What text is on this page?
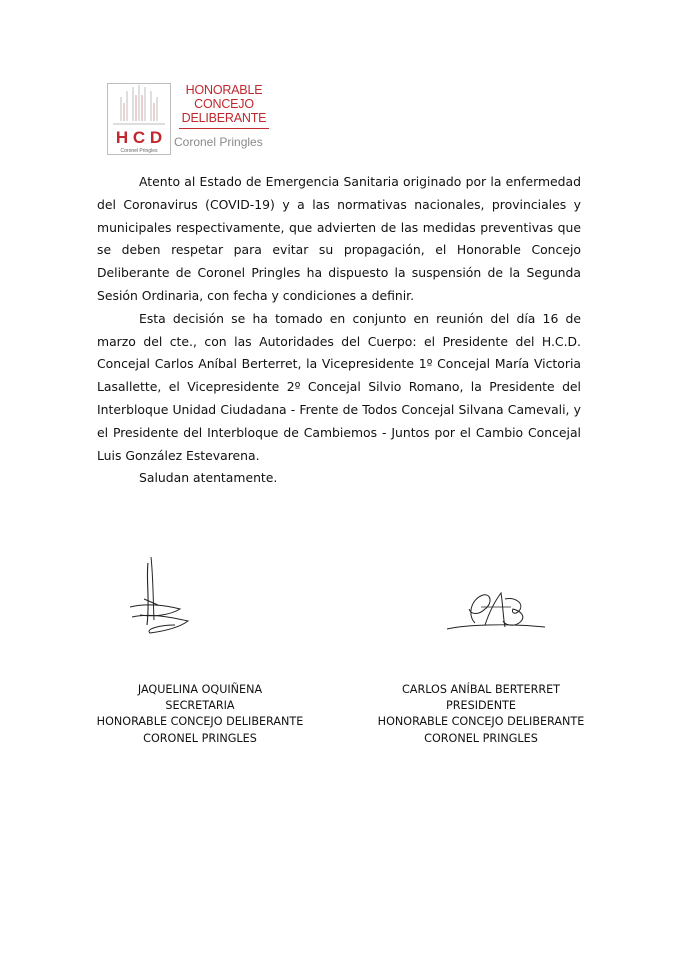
H C D
Coronel Pringles
HONORABLE
CONCEJO
DELIBERANTE
Coronel Pringles

Atento al Estado de Emergencia Sanitaria originado por la enfermedad del Coronavirus (COVID-19) y a las normativas nacionales, provinciales y municipales respectivamente, que advierten de las medidas preventivas que se deben respetar para evitar su propagación, el Honorable Concejo Deliberante de Coronel Pringles ha dispuesto la suspensión de la Segunda Sesión Ordinaria, con fecha y condiciones a definir.

Esta decisión se ha tomado en conjunto en reunión del día 16 de marzo del cte., con las Autoridades del Cuerpo: el Presidente del H.C.D. Concejal Carlos Aníbal Berterret, la Vicepresidente 1º Concejal María Victoria Lasallette, el Vicepresidente 2º Concejal Silvio Romano, la Presidente del Interbloque Unidad Ciudadana - Frente de Todos Concejal Silvana Camevali, y el Presidente del Interbloque de Cambiemos - Juntos por el Cambio Concejal Luis González Estevarena.

Saludan atentamente.

JAQUELINA OQUIÑENA
SECRETARIA
HONORABLE CONCEJO DELIBERANTE
CORONEL PRINGLES
CARLOS ANÍBAL BERTERRET
PRESIDENTE
HONORABLE CONCEJO DELIBERANTE
CORONEL PRINGLES
